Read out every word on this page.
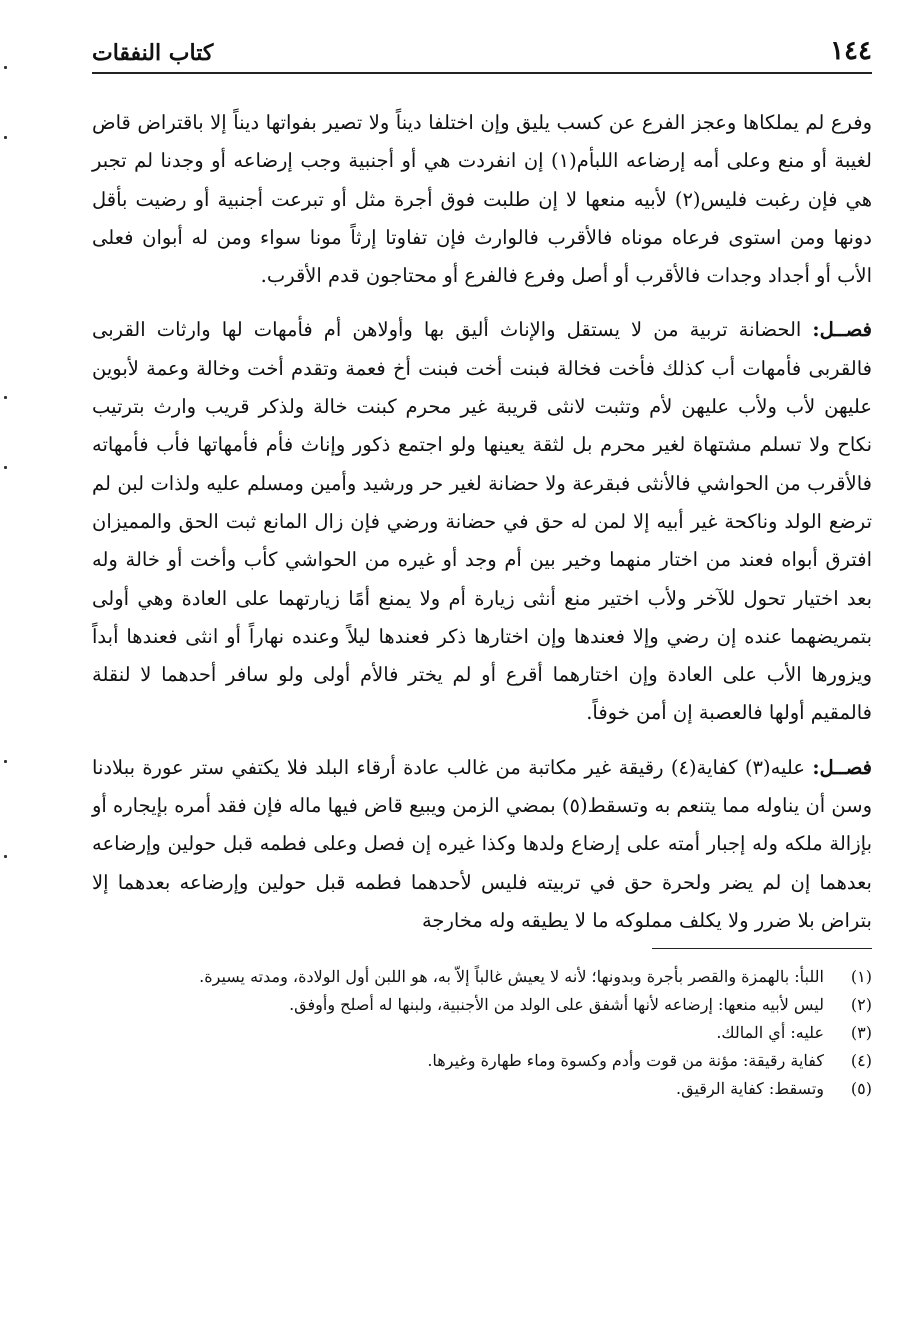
١٤٤
كتاب النفقات

وفرع لم يملكاها وعجز الفرع عن كسب يليق وإن اختلفا ديناً ولا تصير بفواتها ديناً إلا باقتراض قاض لغيبة أو منع وعلى أمه إرضاعه اللبأ‌م(١) إن انفردت هي أو أجنبية وجب إرضاعه أو وجدنا لم تجبر هي فإن رغبت فليس(٢) لأبيه منعها لا إن طلبت فوق أجرة مثل أو تبرعت أجنبية أو رضيت بأقل دونها ومن استوى فرعاه موناه فالأقرب فالوارث فإن تفاوتا إرثاً مونا سواء ومن له أبوان فعلى الأب أو أجداد وجدات فالأقرب أو أصل وفرع فالفرع أو محتاجون قدم الأقرب.

فصــل: الحضانة تربية من لا يستقل والإناث أليق بها وأولاهن أم فأمهات لها وارثات القربى فالقربى فأمهات أب كذلك فأخت فخالة فبنت أخت فبنت أخ فعمة وتقدم أخت وخالة وعمة لأبوين عليهن لأب ولأب عليهن لأم وتثبت لانثى قريبة غير محرم كبنت خالة ولذكر قريب وارث بترتيب نكاح ولا تسلم مشتهاة لغير محرم بل لثقة يعينها ولو اجتمع ذكور وإناث فأم فأمهاتها فأب فأمهاته فالأقرب من الحواشي فالأنثى فبقرعة ولا حضانة لغير حر ورشيد وأمين ومسلم عليه ولذات لبن لم ترضع الولد وناكحة غير أبيه إلا لمن له حق في حضانة ورضي فإن زال المانع ثبت الحق والمميزان افترق أبواه فعند من اختار منهما وخير بين أم وجد أو غيره من الحواشي كأب وأخت أو خالة وله بعد اختيار تحول للآخر ولأب اختير منع أنثى زيارة أم ولا يمنع أمًا زيارتهما على العادة وهي أولى بتمريضهما عنده إن رضي وإلا فعندها وإن اختارها ذكر فعندها ليلاً وعنده نهاراً أو انثى فعندها أبداً ويزورها الأب على العادة وإن اختارهما أقرع أو لم يختر فالأم أولى ولو سافر أحدهما لا لنقلة فالمقيم أولها فالعصبة إن أمن خوفاً.

فصــل: عليه(٣) كفاية(٤) رقيقة غير مكاتبة من غالب عادة أرقاء البلد فلا يكتفي ستر عورة ببلادنا وسن أن يناوله مما يتنعم به وتسقط(٥) بمضي الزمن ويبيع قاض فيها ماله فإن فقد أمره بإيجاره أو بإزالة ملكه وله إجبار أمته على إرضاع ولدها وكذا غيره إن فصل وعلى فطمه قبل حولين وإرضاعه بعدهما إن لم يضر ولحرة حق في تربيته فليس لأحدهما فطمه قبل حولين وإرضاعه بعدهما إلا بتراض بلا ضرر ولا يكلف مملوكه ما لا يطيقه وله مخارجة

(١)
اللبأ: بالهمزة والقصر بأجرة وبدونها؛ لأنه لا يعيش غالباً إلاّ به، هو اللبن أول الولادة، ومدته يسيرة.
(٢)
ليس لأبيه منعها: إرضاعه لأنها أشفق على الولد من الأجنبية، ولبنها له أصلح وأوفق.
(٣)
عليه: أي المالك.
(٤)
كفاية رقيقة: مؤنة من قوت وأدم وكسوة وماء طهارة وغيرها.
(٥)
وتسقط: كفاية الرقيق.
